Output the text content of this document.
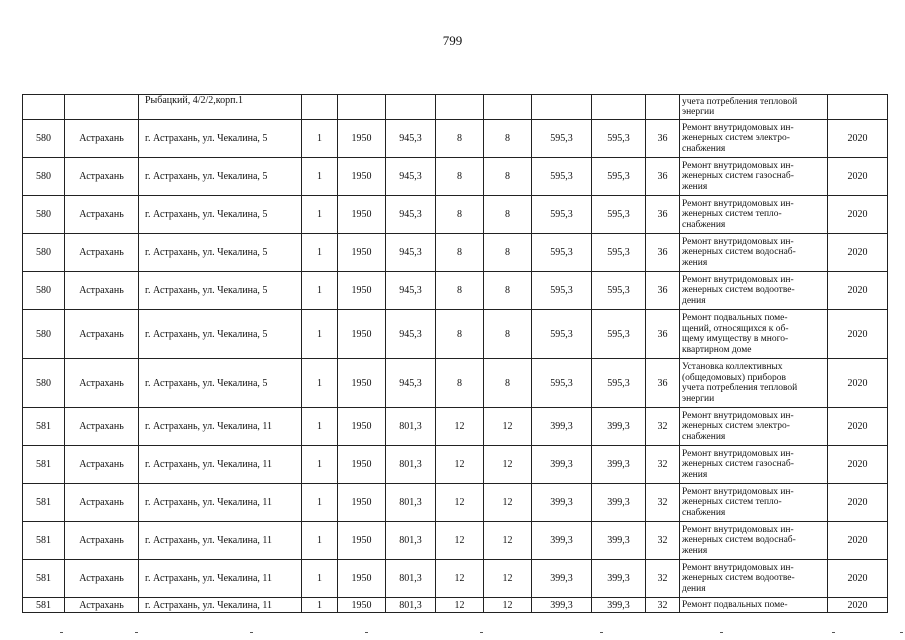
799
		Рыбацкий, 4/2/2,корп.1									учета потребления тепловой
энергии	
580	Астрахань	г. Астрахань, ул. Чекалина, 5	1	1950	945,3	8	8	595,3	595,3	36	Ремонт внутридомовых ин-
женерных систем электро-
снабжения	2020
580	Астрахань	г. Астрахань, ул. Чекалина, 5	1	1950	945,3	8	8	595,3	595,3	36	Ремонт внутридомовых ин-
женерных систем газоснаб-
жения	2020
580	Астрахань	г. Астрахань, ул. Чекалина, 5	1	1950	945,3	8	8	595,3	595,3	36	Ремонт внутридомовых ин-
женерных систем тепло-
снабжения	2020
580	Астрахань	г. Астрахань, ул. Чекалина, 5	1	1950	945,3	8	8	595,3	595,3	36	Ремонт внутридомовых ин-
женерных систем водоснаб-
жения	2020
580	Астрахань	г. Астрахань, ул. Чекалина, 5	1	1950	945,3	8	8	595,3	595,3	36	Ремонт внутридомовых ин-
женерных систем водоотве-
дения	2020
580	Астрахань	г. Астрахань, ул. Чекалина, 5	1	1950	945,3	8	8	595,3	595,3	36	Ремонт подвальных поме-
щений, относящихся к об-
щему имуществу в много-
квартирном доме	2020
580	Астрахань	г. Астрахань, ул. Чекалина, 5	1	1950	945,3	8	8	595,3	595,3	36	Установка коллективных
(общедомовых) приборов
учета потребления тепловой
энергии	2020
581	Астрахань	г. Астрахань, ул. Чекалина, 11	1	1950	801,3	12	12	399,3	399,3	32	Ремонт внутридомовых ин-
женерных систем электро-
снабжения	2020
581	Астрахань	г. Астрахань, ул. Чекалина, 11	1	1950	801,3	12	12	399,3	399,3	32	Ремонт внутридомовых ин-
женерных систем газоснаб-
жения	2020
581	Астрахань	г. Астрахань, ул. Чекалина, 11	1	1950	801,3	12	12	399,3	399,3	32	Ремонт внутридомовых ин-
женерных систем тепло-
снабжения	2020
581	Астрахань	г. Астрахань, ул. Чекалина, 11	1	1950	801,3	12	12	399,3	399,3	32	Ремонт внутридомовых ин-
женерных систем водоснаб-
жения	2020
581	Астрахань	г. Астрахань, ул. Чекалина, 11	1	1950	801,3	12	12	399,3	399,3	32	Ремонт внутридомовых ин-
женерных систем водоотве-
дения	2020
581	Астрахань	г. Астрахань, ул. Чекалина, 11	1	1950	801,3	12	12	399,3	399,3	32	Ремонт подвальных поме-	2020
